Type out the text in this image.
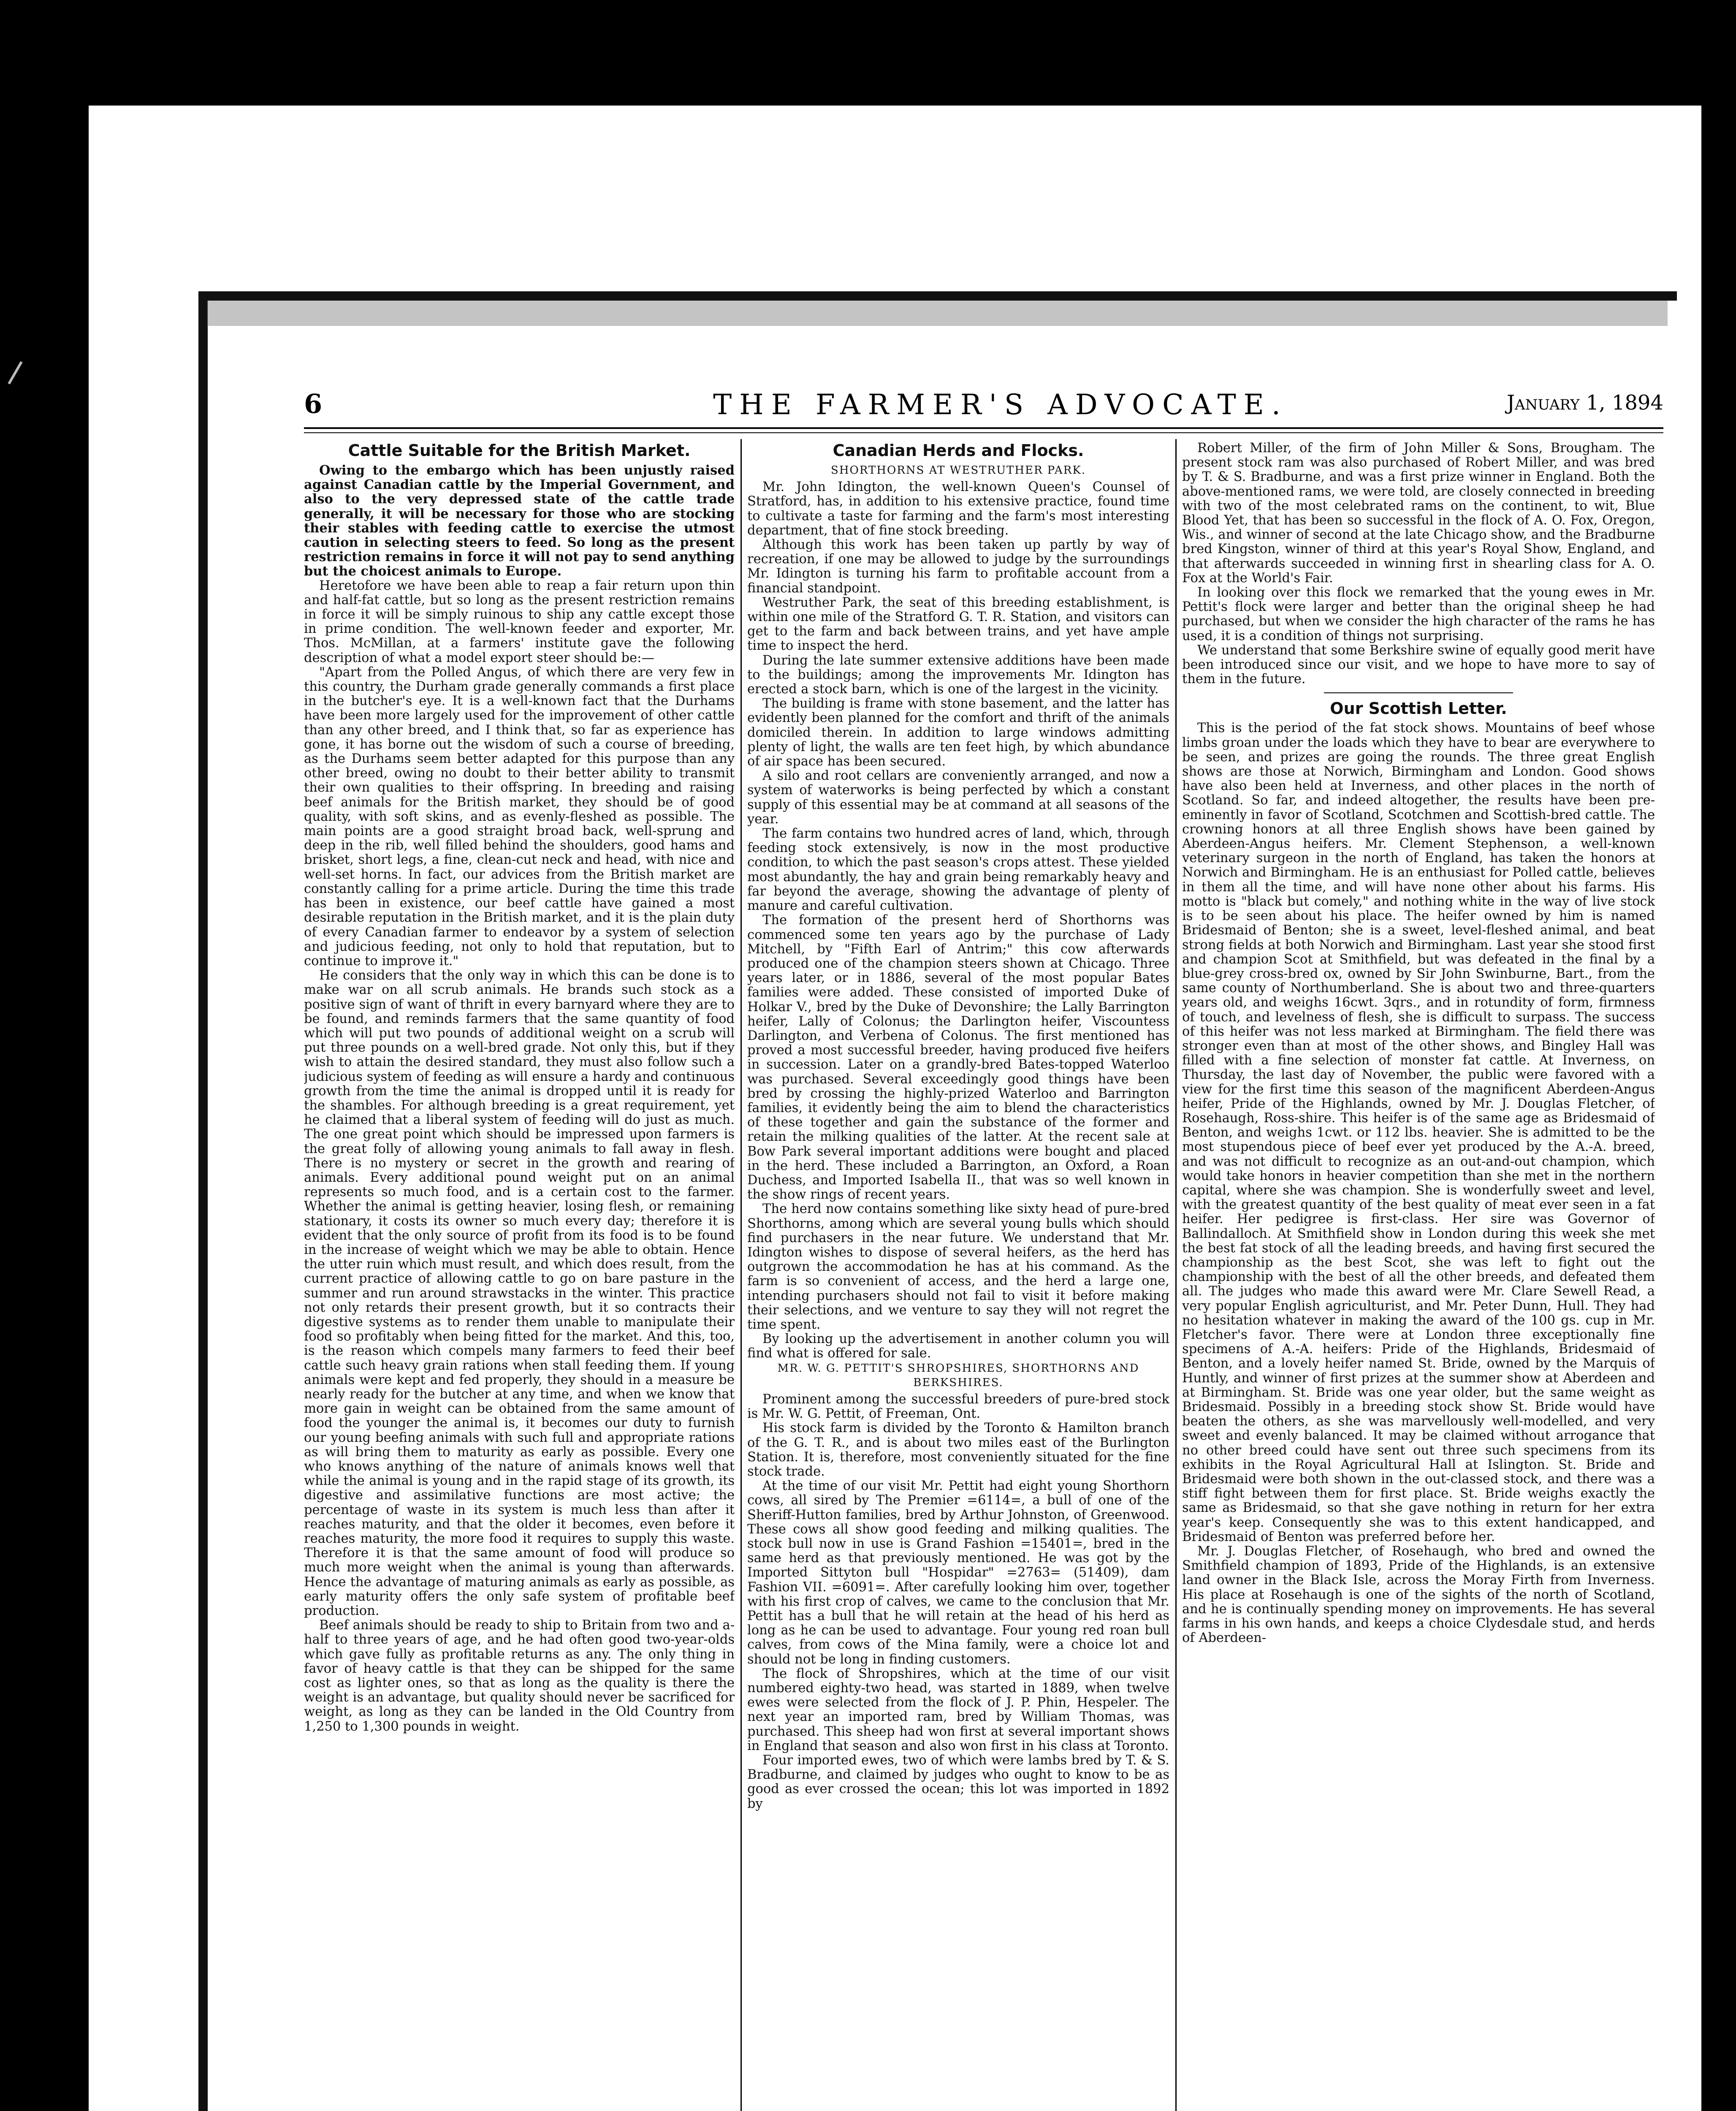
6	THE FARMER'S ADVOCATE.	January 1, 1894
Cattle Suitable for the British Market.

Owing to the embargo which has been unjustly raised against Canadian cattle by the Imperial Government, and also to the very depressed state of the cattle trade generally, it will be necessary for those who are stocking their stables with feeding cattle to exercise the utmost caution in selecting steers to feed. So long as the present restriction remains in force it will not pay to send anything but the choicest animals to Europe.

Heretofore we have been able to reap a fair return upon thin and half-fat cattle, but so long as the present restriction remains in force it will be simply ruinous to ship any cattle except those in prime condition. The well-known feeder and exporter, Mr. Thos. McMillan, at a farmers' institute gave the following description of what a model export steer should be:—

"Apart from the Polled Angus, of which there are very few in this country, the Durham grade generally commands a first place in the butcher's eye. It is a well-known fact that the Durhams have been more largely used for the improvement of other cattle than any other breed, and I think that, so far as experience has gone, it has borne out the wisdom of such a course of breeding, as the Durhams seem better adapted for this purpose than any other breed, owing no doubt to their better ability to transmit their own qualities to their offspring. In breeding and raising beef animals for the British market, they should be of good quality, with soft skins, and as evenly-fleshed as possible. The main points are a good straight broad back, well-sprung and deep in the rib, well filled behind the shoulders, good hams and brisket, short legs, a fine, clean-cut neck and head, with nice and well-set horns. In fact, our advices from the British market are constantly calling for a prime article. During the time this trade has been in existence, our beef cattle have gained a most desirable reputation in the British market, and it is the plain duty of every Canadian farmer to endeavor by a system of selection and judicious feeding, not only to hold that reputation, but to continue to improve it."

He considers that the only way in which this can be done is to make war on all scrub animals. He brands such stock as a positive sign of want of thrift in every barnyard where they are to be found, and reminds farmers that the same quantity of food which will put two pounds of additional weight on a scrub will put three pounds on a well-bred grade. Not only this, but if they wish to attain the desired standard, they must also follow such a judicious system of feeding as will ensure a hardy and continuous growth from the time the animal is dropped until it is ready for the shambles. For although breeding is a great requirement, yet he claimed that a liberal system of feeding will do just as much. The one great point which should be impressed upon farmers is the great folly of allowing young animals to fall away in flesh. There is no mystery or secret in the growth and rearing of animals. Every additional pound weight put on an animal represents so much food, and is a certain cost to the farmer. Whether the animal is getting heavier, losing flesh, or remaining stationary, it costs its owner so much every day; therefore it is evident that the only source of profit from its food is to be found in the increase of weight which we may be able to obtain. Hence the utter ruin which must result, and which does result, from the current practice of allowing cattle to go on bare pasture in the summer and run around strawstacks in the winter. This practice not only retards their present growth, but it so contracts their digestive systems as to render them unable to manipulate their food so profitably when being fitted for the market. And this, too, is the reason which compels many farmers to feed their beef cattle such heavy grain rations when stall feeding them. If young animals were kept and fed properly, they should in a measure be nearly ready for the butcher at any time, and when we know that more gain in weight can be obtained from the same amount of food the younger the animal is, it becomes our duty to furnish our young beefing animals with such full and appropriate rations as will bring them to maturity as early as possible. Every one who knows anything of the nature of animals knows well that while the animal is young and in the rapid stage of its growth, its digestive and assimilative functions are most active; the percentage of waste in its system is much less than after it reaches maturity, and that the older it becomes, even before it reaches maturity, the more food it requires to supply this waste. Therefore it is that the same amount of food will produce so much more weight when the animal is young than afterwards. Hence the advantage of maturing animals as early as possible, as early maturity offers the only safe system of profitable beef production.

Beef animals should be ready to ship to Britain from two and a-half to three years of age, and he had often good two-year-olds which gave fully as profitable returns as any. The only thing in favor of heavy cattle is that they can be shipped for the same cost as lighter ones, so that as long as the quality is there the weight is an advantage, but quality should never be sacrificed for weight, as long as they can be landed in the Old Country from 1,250 to 1,300 pounds in weight.

Canadian Herds and Flocks.
SHORTHORNS AT WESTRUTHER PARK.

Mr. John Idington, the well-known Queen's Counsel of Stratford, has, in addition to his extensive practice, found time to cultivate a taste for farming and the farm's most interesting department, that of fine stock breeding.

Although this work has been taken up partly by way of recreation, if one may be allowed to judge by the surroundings Mr. Idington is turning his farm to profitable account from a financial standpoint.

Westruther Park, the seat of this breeding establishment, is within one mile of the Stratford G. T. R. Station, and visitors can get to the farm and back between trains, and yet have ample time to inspect the herd.

During the late summer extensive additions have been made to the buildings; among the improvements Mr. Idington has erected a stock barn, which is one of the largest in the vicinity.

The building is frame with stone basement, and the latter has evidently been planned for the comfort and thrift of the animals domiciled therein. In addition to large windows admitting plenty of light, the walls are ten feet high, by which abundance of air space has been secured.

A silo and root cellars are conveniently arranged, and now a system of waterworks is being perfected by which a constant supply of this essential may be at command at all seasons of the year.

The farm contains two hundred acres of land, which, through feeding stock extensively, is now in the most productive condition, to which the past season's crops attest. These yielded most abundantly, the hay and grain being remarkably heavy and far beyond the average, showing the advantage of plenty of manure and careful cultivation.

The formation of the present herd of Shorthorns was commenced some ten years ago by the purchase of Lady Mitchell, by "Fifth Earl of Antrim;" this cow afterwards produced one of the champion steers shown at Chicago. Three years later, or in 1886, several of the most popular Bates families were added. These consisted of imported Duke of Holkar V., bred by the Duke of Devonshire; the Lally Barrington heifer, Lally of Colonus; the Darlington heifer, Viscountess Darlington, and Verbena of Colonus. The first mentioned has proved a most successful breeder, having produced five heifers in succession. Later on a grandly-bred Bates-topped Waterloo was purchased. Several exceedingly good things have been bred by crossing the highly-prized Waterloo and Barrington families, it evidently being the aim to blend the characteristics of these together and gain the substance of the former and retain the milking qualities of the latter. At the recent sale at Bow Park several important additions were bought and placed in the herd. These included a Barrington, an Oxford, a Roan Duchess, and Imported Isabella II., that was so well known in the show rings of recent years.

The herd now contains something like sixty head of pure-bred Shorthorns, among which are several young bulls which should find purchasers in the near future. We understand that Mr. Idington wishes to dispose of several heifers, as the herd has outgrown the accommodation he has at his command. As the farm is so convenient of access, and the herd a large one, intending purchasers should not fail to visit it before making their selections, and we venture to say they will not regret the time spent.

By looking up the advertisement in another column you will find what is offered for sale.

MR. W. G. PETTIT'S SHROPSHIRES, SHORTHORNS AND BERKSHIRES.

Prominent among the successful breeders of pure-bred stock is Mr. W. G. Pettit, of Freeman, Ont.

His stock farm is divided by the Toronto & Hamilton branch of the G. T. R., and is about two miles east of the Burlington Station. It is, therefore, most conveniently situated for the fine stock trade.

At the time of our visit Mr. Pettit had eight young Shorthorn cows, all sired by The Premier =6114=, a bull of one of the Sheriff-Hutton families, bred by Arthur Johnston, of Greenwood. These cows all show good feeding and milking qualities. The stock bull now in use is Grand Fashion =15401=, bred in the same herd as that previously mentioned. He was got by the Imported Sittyton bull "Hospidar" =2763= (51409), dam Fashion VII. =6091=. After carefully looking him over, together with his first crop of calves, we came to the conclusion that Mr. Pettit has a bull that he will retain at the head of his herd as long as he can be used to advantage. Four young red roan bull calves, from cows of the Mina family, were a choice lot and should not be long in finding customers.

The flock of Shropshires, which at the time of our visit numbered eighty-two head, was started in 1889, when twelve ewes were selected from the flock of J. P. Phin, Hespeler. The next year an imported ram, bred by William Thomas, was purchased. This sheep had won first at several important shows in England that season and also won first in his class at Toronto.

Four imported ewes, two of which were lambs bred by T. & S. Bradburne, and claimed by judges who ought to know to be as good as ever crossed the ocean; this lot was imported in 1892 by

Robert Miller, of the firm of John Miller & Sons, Brougham. The present stock ram was also purchased of Robert Miller, and was bred by T. & S. Bradburne, and was a first prize winner in England. Both the above-mentioned rams, we were told, are closely connected in breeding with two of the most celebrated rams on the continent, to wit, Blue Blood Yet, that has been so successful in the flock of A. O. Fox, Oregon, Wis., and winner of second at the late Chicago show, and the Bradburne bred Kingston, winner of third at this year's Royal Show, England, and that afterwards succeeded in winning first in shearling class for A. O. Fox at the World's Fair.

In looking over this flock we remarked that the young ewes in Mr. Pettit's flock were larger and better than the original sheep he had purchased, but when we consider the high character of the rams he has used, it is a condition of things not surprising.

We understand that some Berkshire swine of equally good merit have been introduced since our visit, and we hope to have more to say of them in the future.

Our Scottish Letter.

This is the period of the fat stock shows. Mountains of beef whose limbs groan under the loads which they have to bear are everywhere to be seen, and prizes are going the rounds. The three great English shows are those at Norwich, Birmingham and London. Good shows have also been held at Inverness, and other places in the north of Scotland. So far, and indeed altogether, the results have been pre-eminently in favor of Scotland, Scotchmen and Scottish-bred cattle. The crowning honors at all three English shows have been gained by Aberdeen-Angus heifers. Mr. Clement Stephenson, a well-known veterinary surgeon in the north of England, has taken the honors at Norwich and Birmingham. He is an enthusiast for Polled cattle, believes in them all the time, and will have none other about his farms. His motto is "black but comely," and nothing white in the way of live stock is to be seen about his place. The heifer owned by him is named Bridesmaid of Benton; she is a sweet, level-fleshed animal, and beat strong fields at both Norwich and Birmingham. Last year she stood first and champion Scot at Smithfield, but was defeated in the final by a blue-grey cross-bred ox, owned by Sir John Swinburne, Bart., from the same county of Northumberland. She is about two and three-quarters years old, and weighs 16cwt. 3qrs., and in rotundity of form, firmness of touch, and levelness of flesh, she is difficult to surpass. The success of this heifer was not less marked at Birmingham. The field there was stronger even than at most of the other shows, and Bingley Hall was filled with a fine selection of monster fat cattle. At Inverness, on Thursday, the last day of November, the public were favored with a view for the first time this season of the magnificent Aberdeen-Angus heifer, Pride of the Highlands, owned by Mr. J. Douglas Fletcher, of Rosehaugh, Ross-shire. This heifer is of the same age as Bridesmaid of Benton, and weighs 1cwt. or 112 lbs. heavier. She is admitted to be the most stupendous piece of beef ever yet produced by the A.-A. breed, and was not difficult to recognize as an out-and-out champion, which would take honors in heavier competition than she met in the northern capital, where she was champion. She is wonderfully sweet and level, with the greatest quantity of the best quality of meat ever seen in a fat heifer. Her pedigree is first-class. Her sire was Governor of Ballindalloch. At Smithfield show in London during this week she met the best fat stock of all the leading breeds, and having first secured the championship as the best Scot, she was left to fight out the championship with the best of all the other breeds, and defeated them all. The judges who made this award were Mr. Clare Sewell Read, a very popular English agriculturist, and Mr. Peter Dunn, Hull. They had no hesitation whatever in making the award of the 100 gs. cup in Mr. Fletcher's favor. There were at London three exceptionally fine specimens of A.-A. heifers: Pride of the Highlands, Bridesmaid of Benton, and a lovely heifer named St. Bride, owned by the Marquis of Huntly, and winner of first prizes at the summer show at Aberdeen and at Birmingham. St. Bride was one year older, but the same weight as Bridesmaid. Possibly in a breeding stock show St. Bride would have beaten the others, as she was marvellously well-modelled, and very sweet and evenly balanced. It may be claimed without arrogance that no other breed could have sent out three such specimens from its exhibits in the Royal Agricultural Hall at Islington. St. Bride and Bridesmaid were both shown in the out-classed stock, and there was a stiff fight between them for first place. St. Bride weighs exactly the same as Bridesmaid, so that she gave nothing in return for her extra year's keep. Consequently she was to this extent handicapped, and Bridesmaid of Benton was preferred before her.

Mr. J. Douglas Fletcher, of Rosehaugh, who bred and owned the Smithfield champion of 1893, Pride of the Highlands, is an extensive land owner in the Black Isle, across the Moray Firth from Inverness. His place at Rosehaugh is one of the sights of the north of Scotland, and he is continually spending money on improvements. He has several farms in his own hands, and keeps a choice Clydesdale stud, and herds of Aberdeen-
